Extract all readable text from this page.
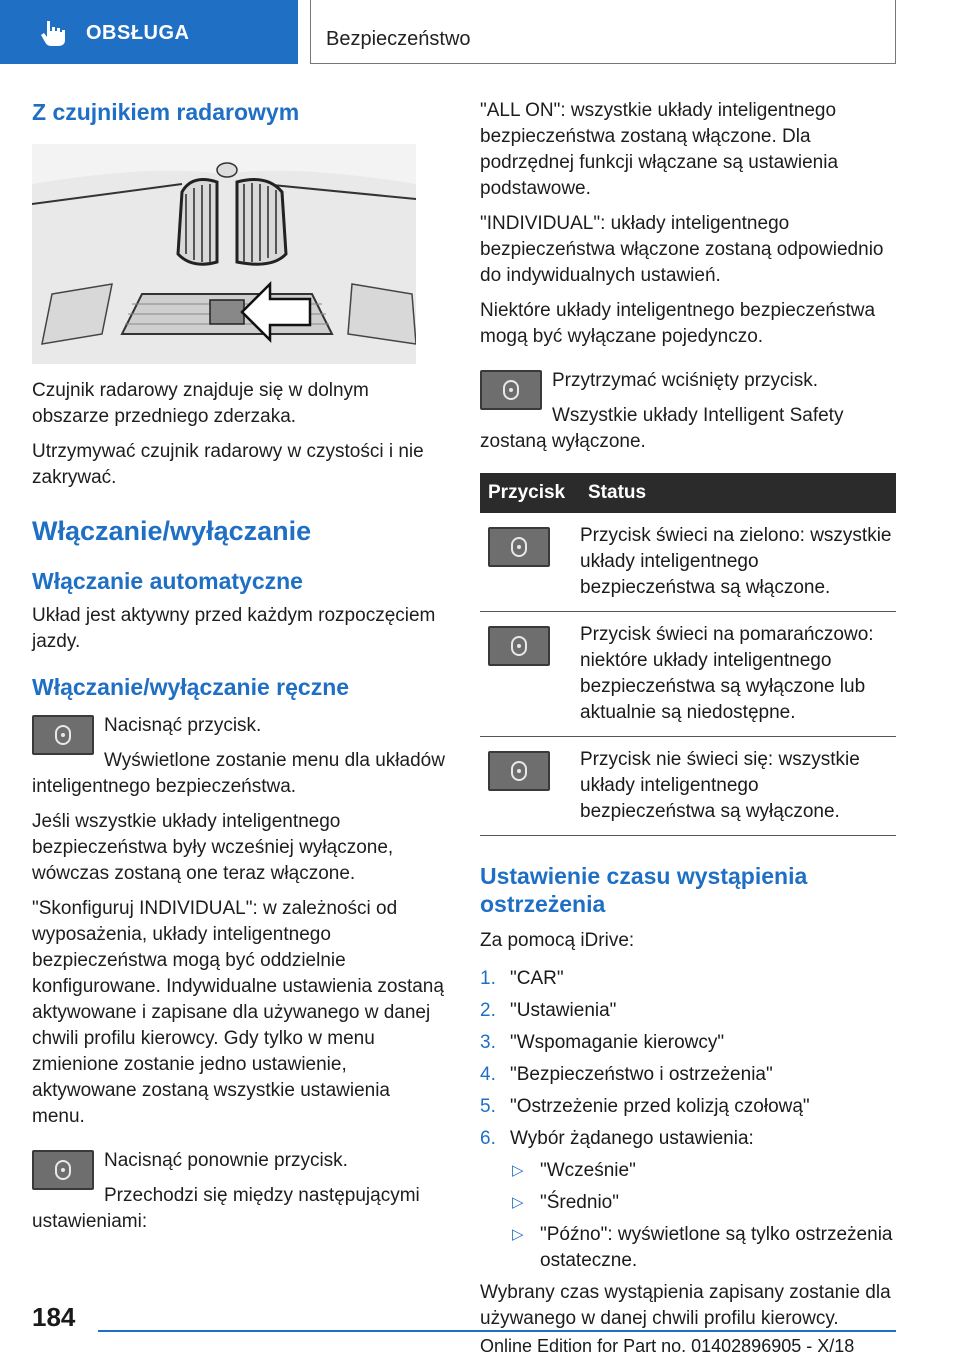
OBSŁUGA	Bezpieczeństwo
Z czujnikiem radarowym

Czujnik radarowy znajduje się w dolnym obszarze przedniego zderzaka.

Utrzymywać czujnik radarowy w czystości i nie zakrywać.

Włączanie/wyłączanie
Włączanie automatyczne

Układ jest aktywny przed każdym rozpoczęciem jazdy.

Włączanie/wyłączanie ręczne

Nacisnąć przycisk.

Wyświetlone zostanie menu dla układów inteligentnego bezpieczeństwa.

Jeśli wszystkie układy inteligentnego bezpieczeństwa były wcześniej wyłączone, wówczas zostaną one teraz włączone.

"Skonfiguruj INDIVIDUAL": w zależności od wyposażenia, układy inteligentnego bezpieczeństwa mogą być oddzielnie konfigurowane. Indywidualne ustawienia zostaną aktywowane i zapisane dla używanego w danej chwili profilu kierowcy. Gdy tylko w menu zmienione zostanie jedno ustawienie, aktywowane zostaną wszystkie ustawienia menu.

Nacisnąć ponownie przycisk.

Przechodzi się między następującymi ustawieniami:

"ALL ON": wszystkie układy inteligentnego bezpieczeństwa zostaną włączone. Dla podrzędnej funkcji włączane są ustawienia podstawowe.

"INDIVIDUAL": układy inteligentnego bezpieczeństwa włączone zostaną odpowiednio do indywidualnych ustawień.

Niektóre układy inteligentnego bezpieczeństwa mogą być wyłączane pojedynczo.

Przytrzymać wciśnięty przycisk.

Wszystkie układy Intelligent Safety zostaną wyłączone.

Przycisk	Status

	Przycisk świeci na zielono: wszystkie układy inteligentnego bezpieczeństwa są włączone.

	Przycisk świeci na pomarańczowo: niektóre układy inteligentnego bezpieczeństwa są wyłączone lub aktualnie są niedostępne.

	Przycisk nie świeci się: wszystkie układy inteligentnego bezpieczeństwa są wyłączone.
Ustawienie czasu wystąpienia ostrzeżenia

Za pomocą iDrive:

1. "CAR"
2. "Ustawienia"
3. "Wspomaganie kierowcy"
4. "Bezpieczeństwo i ostrzeżenia"
5. "Ostrzeżenie przed kolizją czołową"
6. Wybór żądanego ustawienia:
▷ "Wcześnie"
▷ "Średnio"
▷ "Późno": wyświetlone są tylko ostrzeżenia ostateczne.

Wybrany czas wystąpienia zapisany zostanie dla używanego w danej chwili profilu kierowcy.

184
Online Edition for Part no. 01402896905 - X/18
